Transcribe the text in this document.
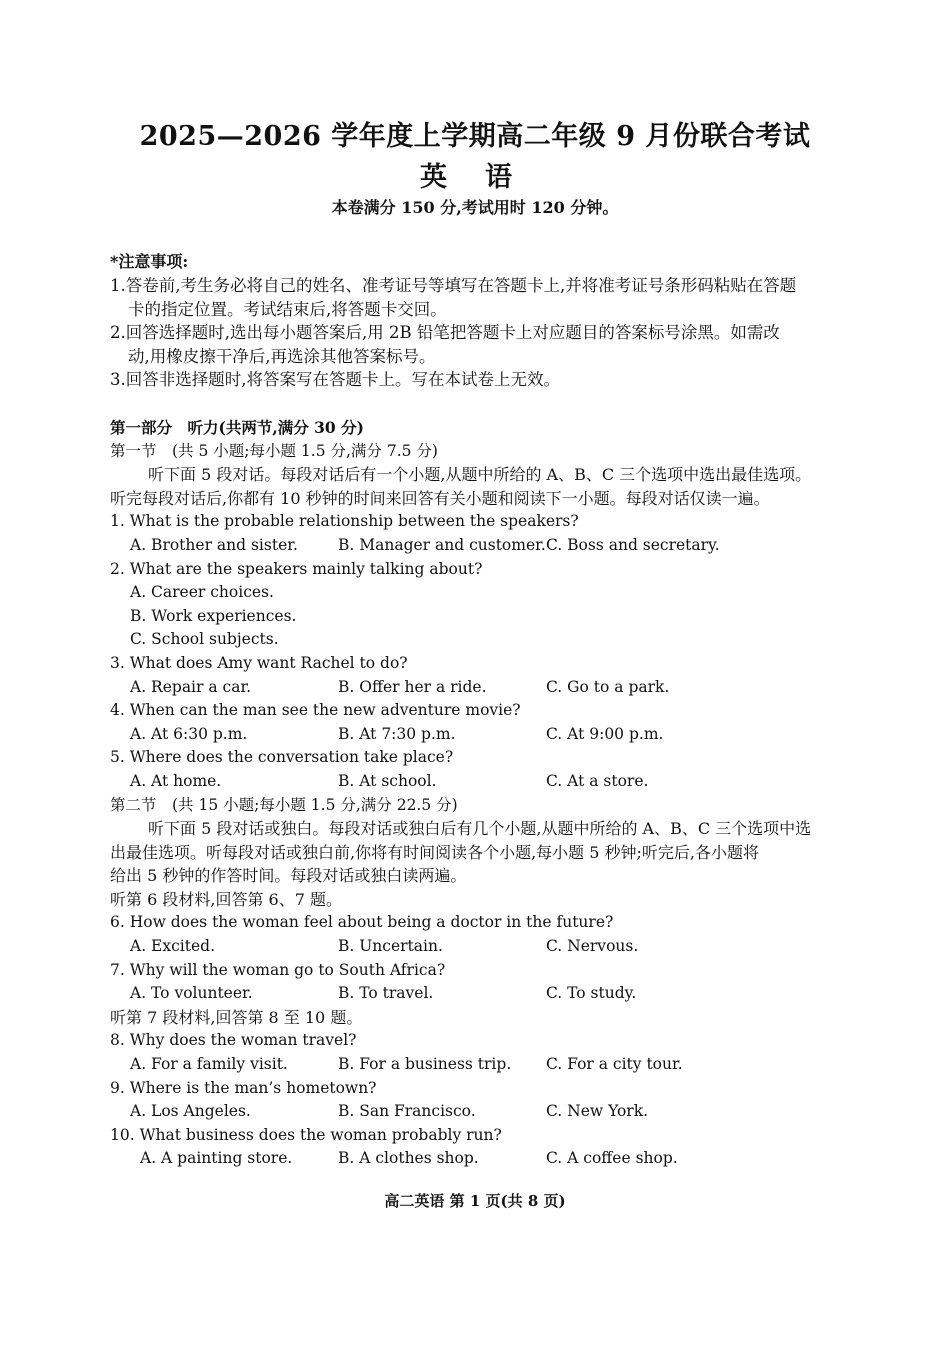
2025—2026 学年度上学期高二年级 9 月份联合考试
英语
本卷满分 150 分,考试用时 120 分钟。
*注意事项:
1.答卷前,考生务必将自己的姓名、准考证号等填写在答题卡上,并将准考证号条形码粘贴在答题
卡的指定位置。考试结束后,将答题卡交回。
2.回答选择题时,选出每小题答案后,用 2B 铅笔把答题卡上对应题目的答案标号涂黑。如需改
动,用橡皮擦干净后,再选涂其他答案标号。
3.回答非选择题时,将答案写在答题卡上。写在本试卷上无效。
第一部分　听力(共两节,满分 30 分)
第一节　(共 5 小题;每小题 1.5 分,满分 7.5 分)
听下面 5 段对话。每段对话后有一个小题,从题中所给的 A、B、C 三个选项中选出最佳选项。
听完每段对话后,你都有 10 秒钟的时间来回答有关小题和阅读下一小题。每段对话仅读一遍。
1. What is the probable relationship between the speakers?
A. Brother and sister.	B. Manager and customer. C. Boss and secretary.
2. What are the speakers mainly talking about?
A. Career choices.
B. Work experiences.
C. School subjects.
3. What does Amy want Rachel to do?
A. Repair a car.	B. Offer her a ride.	C. Go to a park.
4. When can the man see the new adventure movie?
A. At 6:30 p.m.	B. At 7:30 p.m.	C. At 9:00 p.m.
5. Where does the conversation take place?
A. At home.	B. At school.	C. At a store.
第二节　(共 15 小题;每小题 1.5 分,满分 22.5 分)
听下面 5 段对话或独白。每段对话或独白后有几个小题,从题中所给的 A、B、C 三个选项中选
出最佳选项。听每段对话或独白前,你将有时间阅读各个小题,每小题 5 秒钟;听完后,各小题将
给出 5 秒钟的作答时间。每段对话或独白读两遍。
听第 6 段材料,回答第 6、7 题。
6. How does the woman feel about being a doctor in the future?
A. Excited.	B. Uncertain.	C. Nervous.
7. Why will the woman go to South Africa?
A. To volunteer.	B. To travel.	C. To study.
听第 7 段材料,回答第 8 至 10 题。
8. Why does the woman travel?
A. For a family visit.	B. For a business trip.	C. For a city tour.
9. Where is the man’s hometown?
A. Los Angeles.	B. San Francisco.	C. New York.
10. What business does the woman probably run?
A. A painting store.	B. A clothes shop.	C. A coffee shop.
高二英语 第 1 页(共 8 页)
